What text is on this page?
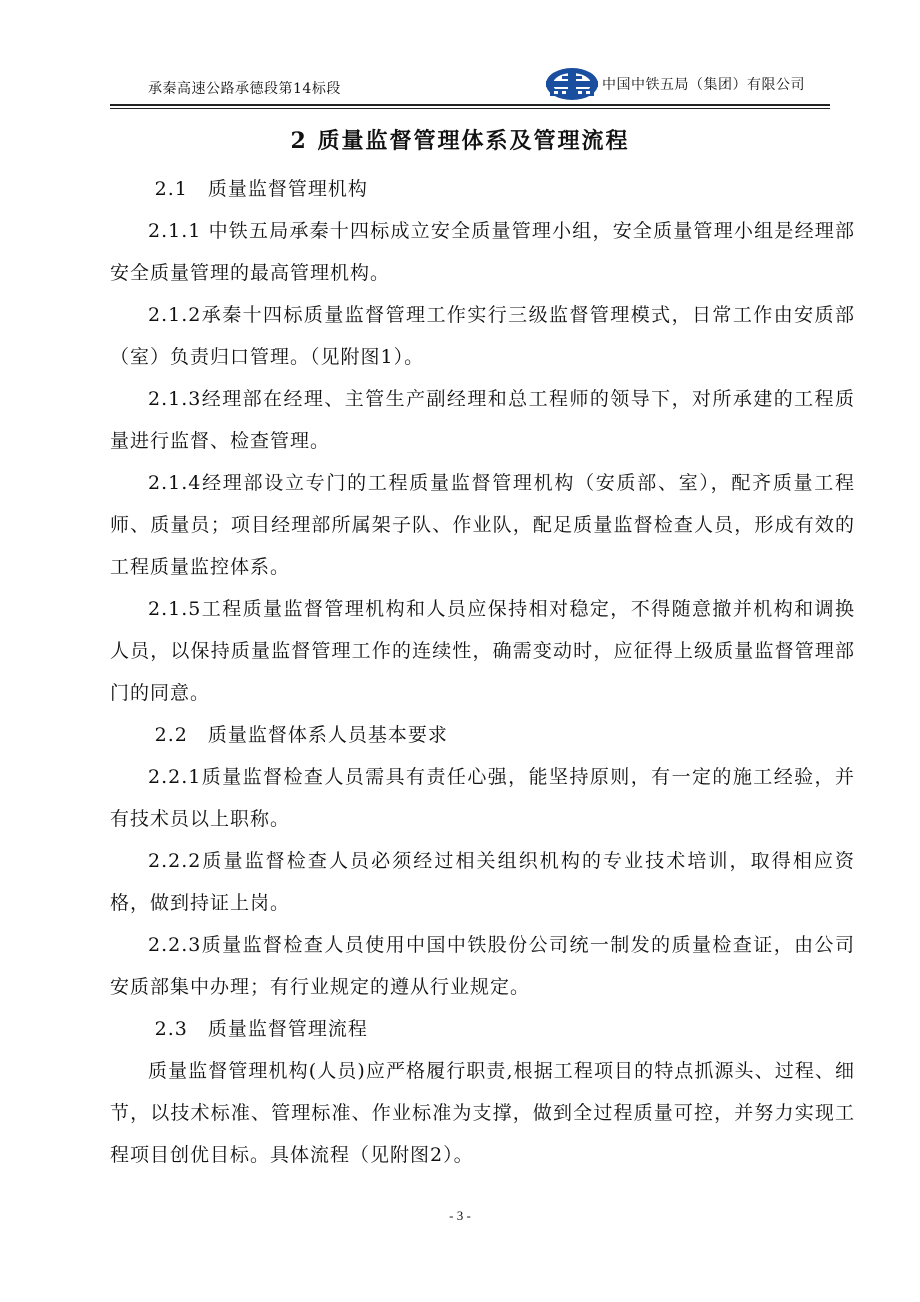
承秦高速公路承德段第14标段	中国中铁五局（集团）有限公司
2 质量监督管理体系及管理流程

2.1　质量监督管理机构

2.1.1 中铁五局承秦十四标成立安全质量管理小组，安全质量管理小组是经理部安全质量管理的最高管理机构。

2.1.2承秦十四标质量监督管理工作实行三级监督管理模式，日常工作由安质部（室）负责归口管理。（见附图1）。

2.1.3经理部在经理、主管生产副经理和总工程师的领导下，对所承建的工程质量进行监督、检查管理。

2.1.4经理部设立专门的工程质量监督管理机构（安质部、室），配齐质量工程师、质量员；项目经理部所属架子队、作业队，配足质量监督检查人员，形成有效的工程质量监控体系。

2.1.5工程质量监督管理机构和人员应保持相对稳定，不得随意撤并机构和调换人员，以保持质量监督管理工作的连续性，确需变动时，应征得上级质量监督管理部门的同意。

2.2　质量监督体系人员基本要求

2.2.1质量监督检查人员需具有责任心强，能坚持原则，有一定的施工经验，并有技术员以上职称。

2.2.2质量监督检查人员必须经过相关组织机构的专业技术培训，取得相应资格，做到持证上岗。

2.2.3质量监督检查人员使用中国中铁股份公司统一制发的质量检查证，由公司安质部集中办理；有行业规定的遵从行业规定。

2.3　质量监督管理流程

质量监督管理机构(人员)应严格履行职责,根据工程项目的特点抓源头、过程、细节，以技术标准、管理标准、作业标准为支撑，做到全过程质量可控，并努力实现工程项目创优目标。具体流程（见附图2）。

- 3 -
